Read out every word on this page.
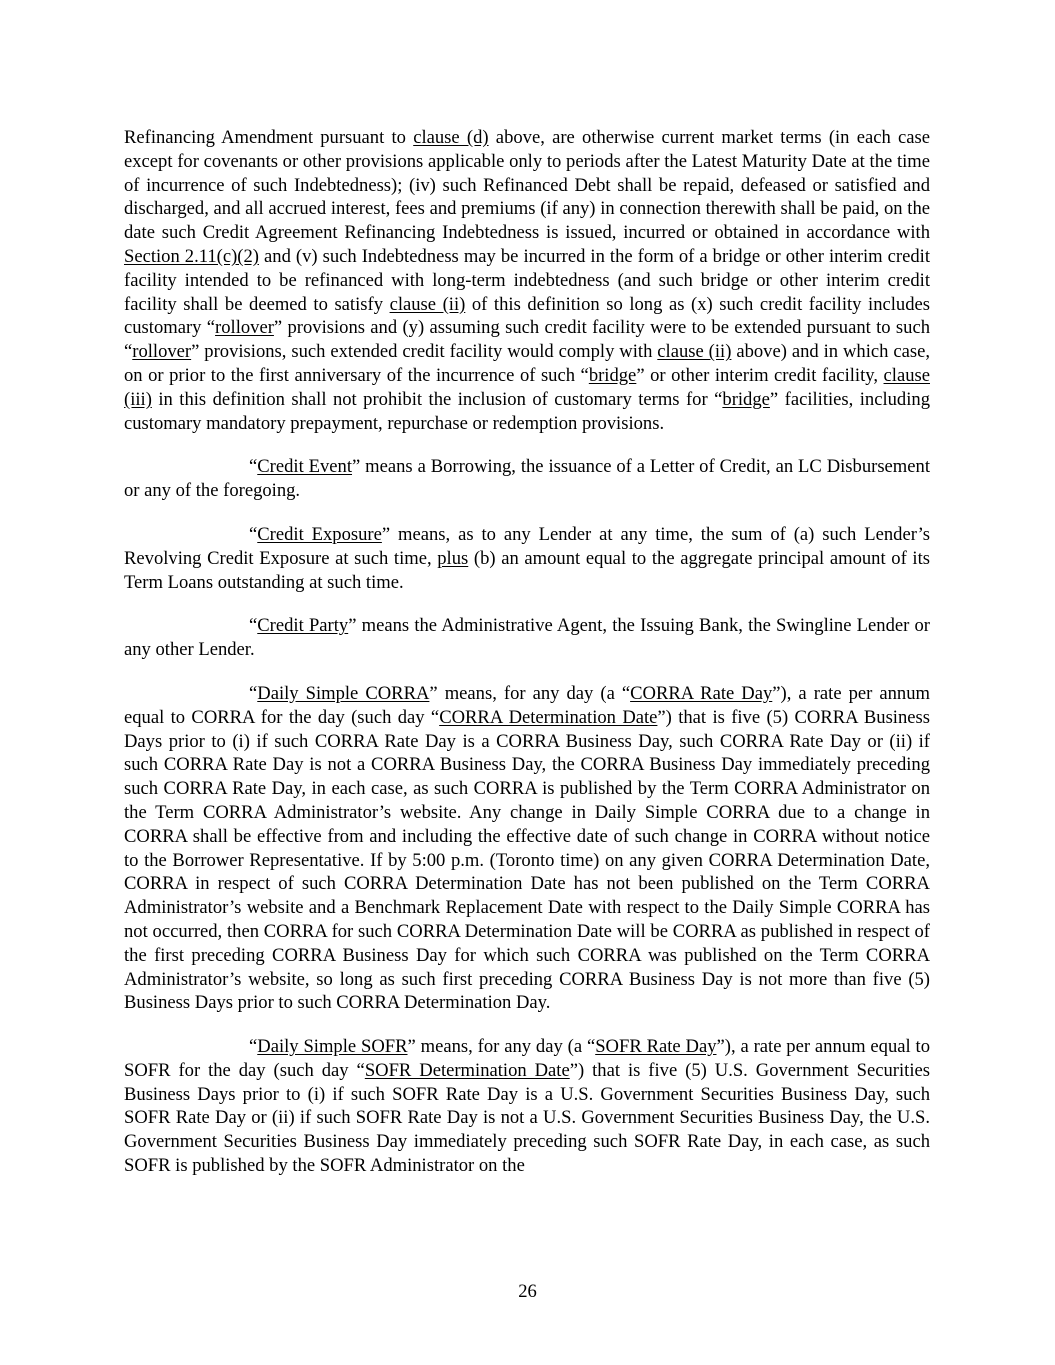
Refinancing Amendment pursuant to clause (d) above, are otherwise current market terms (in each case except for covenants or other provisions applicable only to periods after the Latest Maturity Date at the time of incurrence of such Indebtedness); (iv) such Refinanced Debt shall be repaid, defeased or satisfied and discharged, and all accrued interest, fees and premiums (if any) in connection therewith shall be paid, on the date such Credit Agreement Refinancing Indebtedness is issued, incurred or obtained in accordance with Section 2.11(c)(2) and (v) such Indebtedness may be incurred in the form of a bridge or other interim credit facility intended to be refinanced with long-term indebtedness (and such bridge or other interim credit facility shall be deemed to satisfy clause (ii) of this definition so long as (x) such credit facility includes customary “rollover” provisions and (y) assuming such credit facility were to be extended pursuant to such “rollover” provisions, such extended credit facility would comply with clause (ii) above) and in which case, on or prior to the first anniversary of the incurrence of such “bridge” or other interim credit facility, clause (iii) in this definition shall not prohibit the inclusion of customary terms for “bridge” facilities, including customary mandatory prepayment, repurchase or redemption provisions.

“Credit Event” means a Borrowing, the issuance of a Letter of Credit, an LC Disbursement or any of the foregoing.

“Credit Exposure” means, as to any Lender at any time, the sum of (a) such Lender’s Revolving Credit Exposure at such time, plus (b) an amount equal to the aggregate principal amount of its Term Loans outstanding at such time.

“Credit Party” means the Administrative Agent, the Issuing Bank, the Swingline Lender or any other Lender.

“Daily Simple CORRA” means, for any day (a “CORRA Rate Day”), a rate per annum equal to CORRA for the day (such day “CORRA Determination Date”) that is five (5) CORRA Business Days prior to (i) if such CORRA Rate Day is a CORRA Business Day, such CORRA Rate Day or (ii) if such CORRA Rate Day is not a CORRA Business Day, the CORRA Business Day immediately preceding such CORRA Rate Day, in each case, as such CORRA is published by the Term CORRA Administrator on the Term CORRA Administrator’s website. Any change in Daily Simple CORRA due to a change in CORRA shall be effective from and including the effective date of such change in CORRA without notice to the Borrower Representative. If by 5:00 p.m. (Toronto time) on any given CORRA Determination Date, CORRA in respect of such CORRA Determination Date has not been published on the Term CORRA Administrator’s website and a Benchmark Replacement Date with respect to the Daily Simple CORRA has not occurred, then CORRA for such CORRA Determination Date will be CORRA as published in respect of the first preceding CORRA Business Day for which such CORRA was published on the Term CORRA Administrator’s website, so long as such first preceding CORRA Business Day is not more than five (5) Business Days prior to such CORRA Determination Day.

“Daily Simple SOFR” means, for any day (a “SOFR Rate Day”), a rate per annum equal to SOFR for the day (such day “SOFR Determination Date”) that is five (5) U.S. Government Securities Business Days prior to (i) if such SOFR Rate Day is a U.S. Government Securities Business Day, such SOFR Rate Day or (ii) if such SOFR Rate Day is not a U.S. Government Securities Business Day, the U.S. Government Securities Business Day immediately preceding such SOFR Rate Day, in each case, as such SOFR is published by the SOFR Administrator on the

26
